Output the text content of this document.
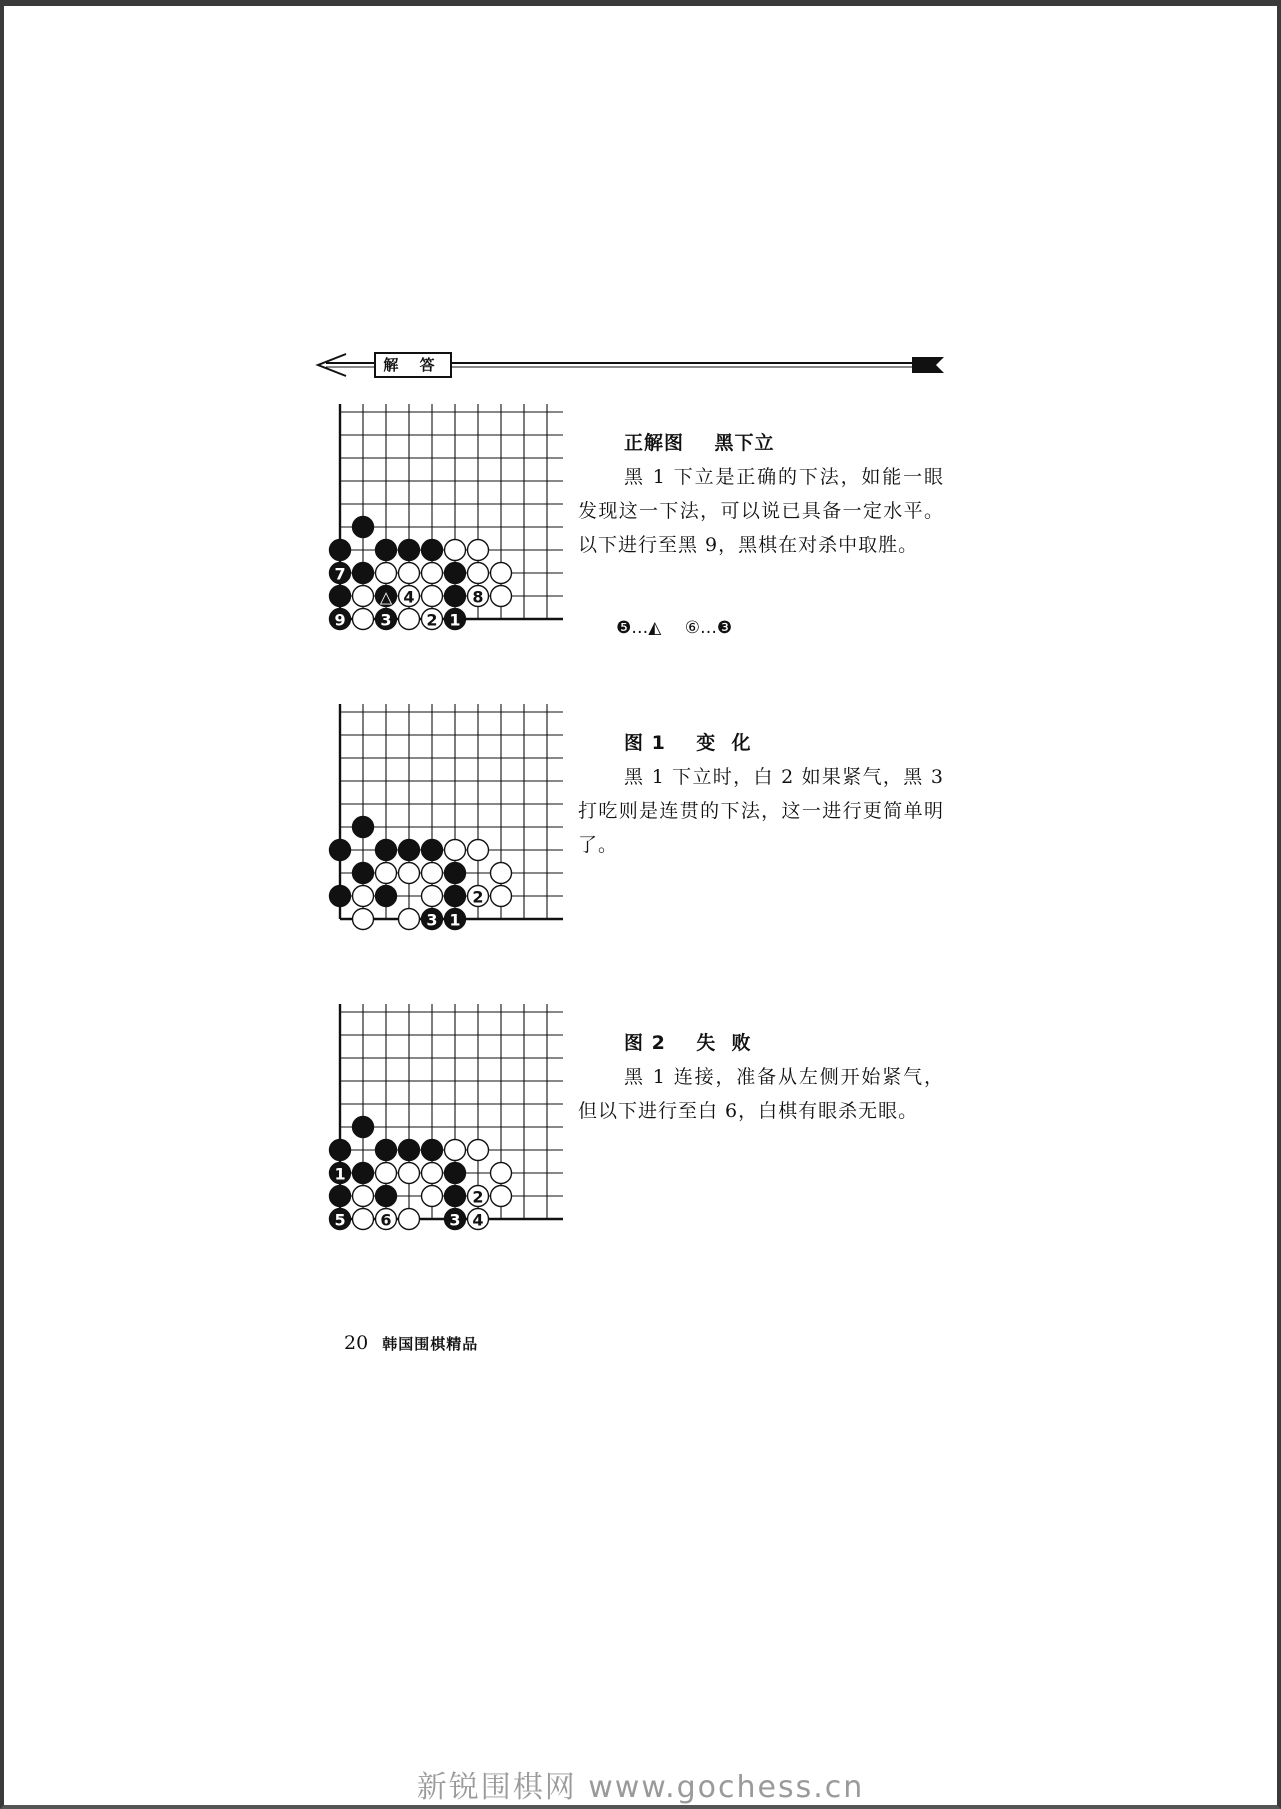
解 答
7
△ 4	8
9 3 2 1
2
3 1
1
2
5 6	3 4
正解图    黑下立
黑 1 下立是正确的下法，如能一眼发现这一下法，可以说已具备一定水平。以下进行至黑 9，黑棋在对杀中取胜。
❺…◭ ⑥…❸
图 1    变  化
黑 1 下立时，白 2 如果紧气，黑 3 打吃则是连贯的下法，这一进行更简单明了。
图 2    失  败
黑 1 连接，准备从左侧开始紧气，但以下进行至白 6，白棋有眼杀无眼。
20 韩国围棋精品
新锐围棋网 www.gochess.cn
